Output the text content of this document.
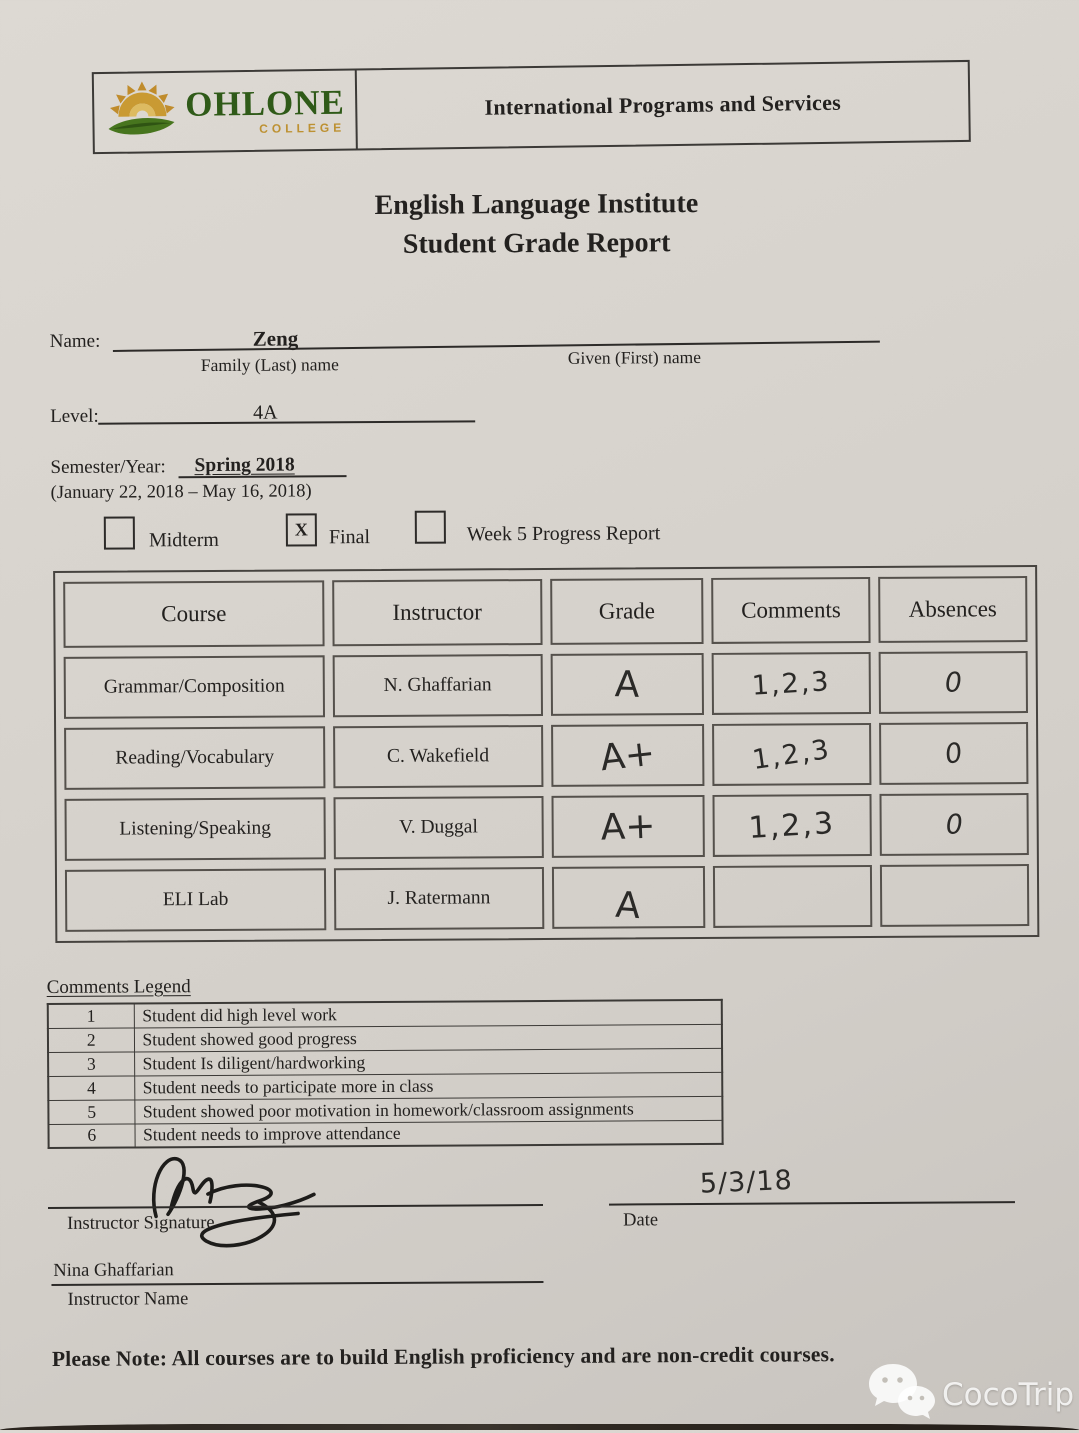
OHLONE
COLLEGE
International Programs and Services
English Language Institute
Student Grade Report
Name:	Zeng
Family (Last) name	Given (First) name
Level:	4A
Semester/Year: Spring 2018
(January 22, 2018 – May 16, 2018)
Midterm	X Final	Week 5 Progress Report
Course	Instructor	Grade	Comments	Absences
Grammar/Composition	N. Ghaffarian	A	1,2,3	0
Reading/Vocabulary	C. Wakefield	A+	1,2,3	0
Listening/Speaking	V. Duggal	A+	1,2,3	0
ELI Lab	J. Ratermann	A		
Comments Legend
1	Student did high level work
2	Student showed good progress
3	Student Is diligent/hardworking
4	Student needs to participate more in class
5	Student showed poor motivation in homework/classroom assignments
6	Student needs to improve attendance
Instructor Signature
5/3/18
Date
Nina Ghaffarian
Instructor Name
Please Note: All courses are to build English proficiency and are non-credit courses.
CocoTrip
